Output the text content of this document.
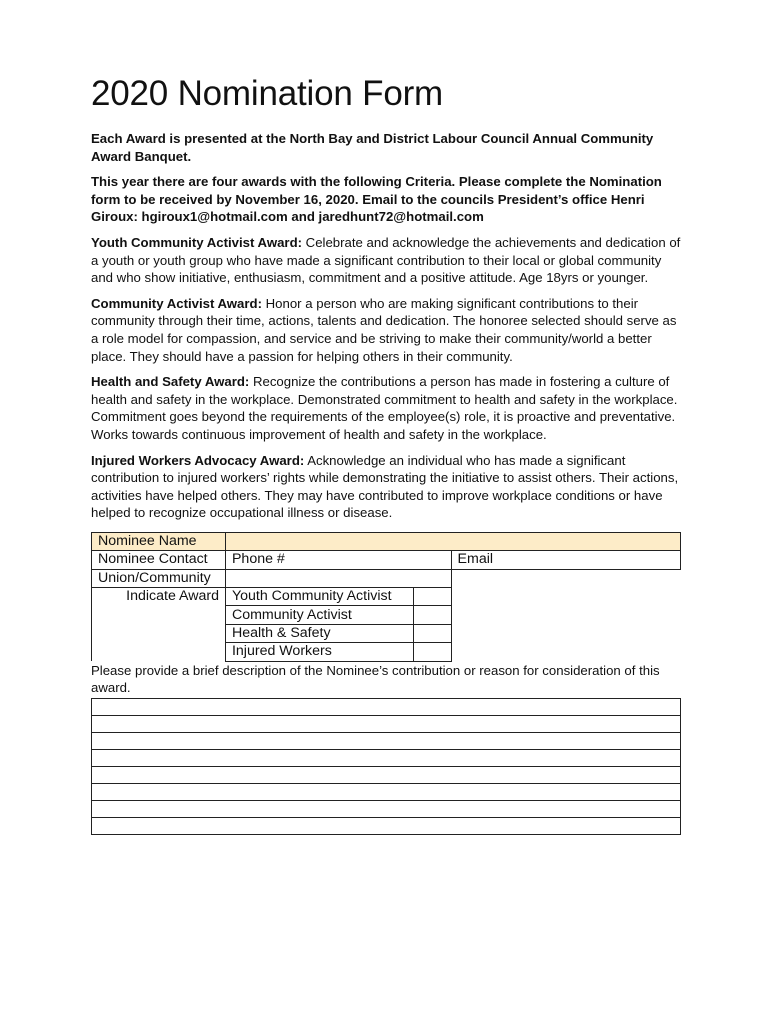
2020 Nomination Form

Each Award is presented at the North Bay and District Labour Council Annual Community Award Banquet.

This year there are four awards with the following Criteria. Please complete the Nomination form to be received by November 16, 2020. Email to the councils President’s office Henri Giroux: hgiroux1@hotmail.com and jaredhunt72@hotmail.com

Youth Community Activist Award: Celebrate and acknowledge the achievements and dedication of a youth or youth group who have made a significant contribution to their local or global community and who show initiative, enthusiasm, commitment and a positive attitude. Age 18yrs or younger.

Community Activist Award: Honor a person who are making significant contributions to their community through their time, actions, talents and dedication. The honoree selected should serve as a role model for compassion, and service and be striving to make their community/world a better place. They should have a passion for helping others in their community.

Health and Safety Award: Recognize the contributions a person has made in fostering a culture of health and safety in the workplace. Demonstrated commitment to health and safety in the workplace. Commitment goes beyond the requirements of the employee(s) role, it is proactive and preventative. Works towards continuous improvement of health and safety in the workplace.

Injured Workers Advocacy Award: Acknowledge an individual who has made a significant contribution to injured workers’ rights while demonstrating the initiative to assist others. Their actions, activities have helped others. They may have contributed to improve workplace conditions or have helped to recognize occupational illness or disease.

Nominee Name			
Nominee Contact	Phone #		Email
Union/Community			
Indicate Award	Youth Community Activist		
	Community Activist		
	Health & Safety		
	Injured Workers		

Please provide a brief description of the Nominee’s contribution or reason for consideration of this award.
